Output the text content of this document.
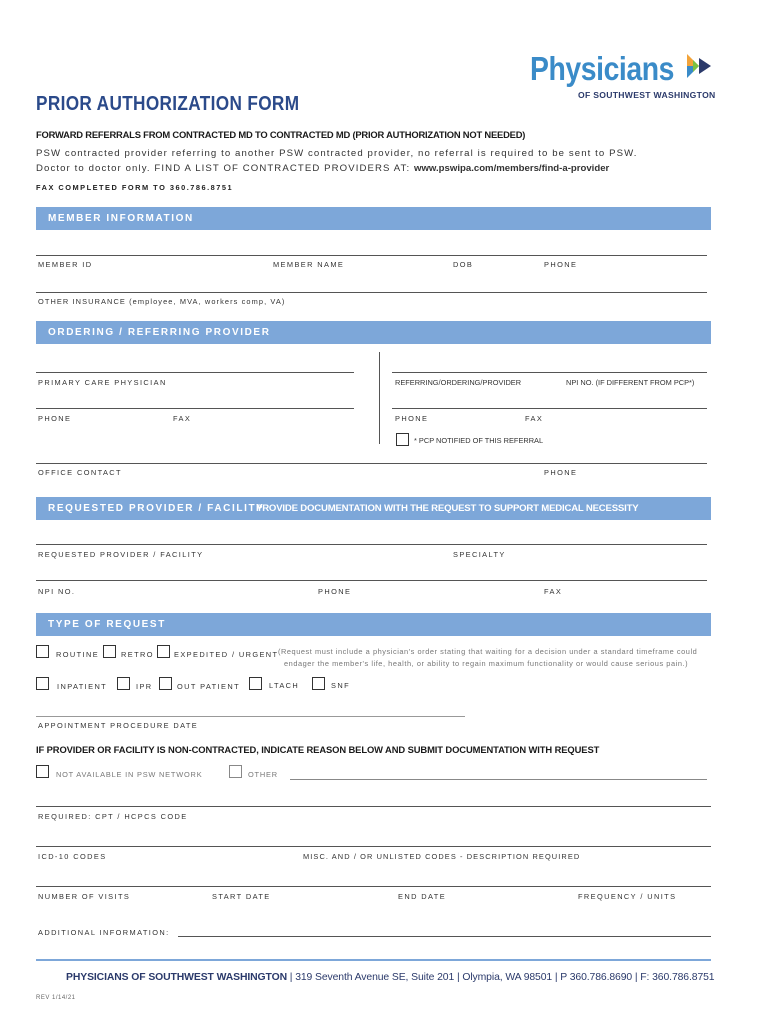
Physicians
OF SOUTHWEST WASHINGTON
PRIOR AUTHORIZATION FORM
FORWARD REFERRALS FROM CONTRACTED MD TO CONTRACTED MD (PRIOR AUTHORIZATION NOT NEEDED)
PSW contracted provider referring to another PSW contracted provider, no referral is required to be sent to PSW.
Doctor to doctor only. FIND A LIST OF CONTRACTED PROVIDERS AT: www.pswipa.com/members/find-a-provider
FAX COMPLETED FORM TO 360.786.8751
MEMBER INFORMATION
MEMBER ID	MEMBER NAME	DOB	PHONE
OTHER INSURANCE (employee, MVA, workers comp, VA)
ORDERING / REFERRING PROVIDER
PRIMARY CARE PHYSICIAN	REFERRING/ORDERING/PROVIDER	NPI NO. (IF DIFFERENT FROM PCP*)
PHONE	FAX	PHONE	FAX
* PCP NOTIFIED OF THIS REFERRAL
OFFICE CONTACT	PHONE
REQUESTED PROVIDER / FACILITY
PROVIDE DOCUMENTATION WITH THE REQUEST TO SUPPORT MEDICAL NECESSITY
REQUESTED PROVIDER / FACILITY	SPECIALTY
NPI NO.	PHONE	FAX
TYPE OF REQUEST
ROUTINE	RETRO	EXPEDITED / URGENT (Request must include a physician's order stating that waiting for a decision under a standard timeframe could
endager the member's life, health, or ability to regain maximum functionality or would cause serious pain.)
INPATIENT	IPR	OUT PATIENT	LTACH	SNF
APPOINTMENT PROCEDURE DATE
IF PROVIDER OR FACILITY IS NON-CONTRACTED, INDICATE REASON BELOW AND SUBMIT DOCUMENTATION WITH REQUEST
NOT AVAILABLE IN PSW NETWORK	OTHER
REQUIRED: CPT / HCPCS CODE
ICD-10 CODES	MISC. AND / OR UNLISTED CODES - DESCRIPTION REQUIRED
NUMBER OF VISITS	START DATE	END DATE	FREQUENCY / UNITS
ADDITIONAL INFORMATION:
PHYSICIANS OF SOUTHWEST WASHINGTON | 319 Seventh Avenue SE, Suite 201 | Olympia, WA 98501 | P 360.786.8690 | F: 360.786.8751
REV 1/14/21
